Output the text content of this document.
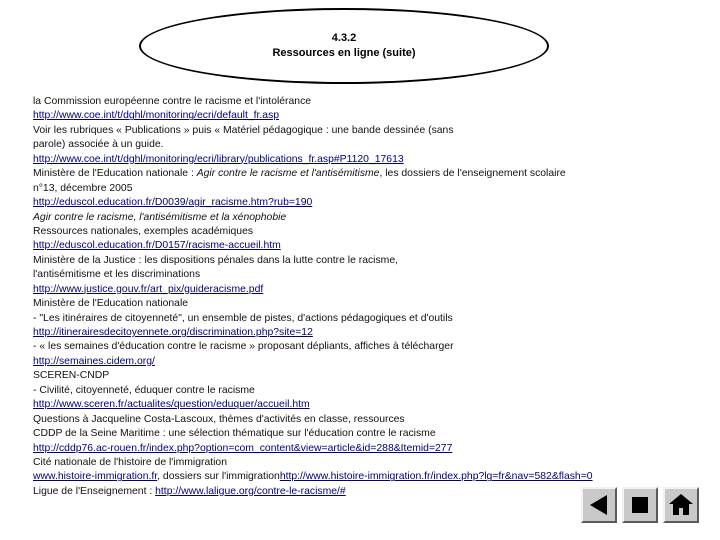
4.3.2
Ressources en ligne (suite)
la Commission européenne contre le racisme et l'intolérance
http://www.coe.int/t/dghl/monitoring/ecri/default_fr.asp
Voir les rubriques « Publications » puis « Matériel pédagogique : une bande dessinée (sans
parole) associée à un guide.
http://www.coe.int/t/dghl/monitoring/ecri/library/publications_fr.asp#P1120_17613
Ministère de l'Education nationale : Agir contre le racisme et l'antisémitisme, les dossiers de l'enseignement scolaire
n°13, décembre 2005
http://eduscol.education.fr/D0039/agir_racisme.htm?rub=190
Agir contre le racisme, l'antisémitisme et la xénophobie
Ressources nationales, exemples académiques
http://eduscol.education.fr/D0157/racisme-accueil.htm
Ministère de la Justice : les dispositions pénales dans la lutte contre le racisme,
l'antisémitisme et les discriminations
http://www.justice.gouv.fr/art_pix/guideracisme.pdf
Ministère de l'Education nationale
- "Les itinéraires de citoyenneté", un ensemble de pistes, d'actions pédagogiques et d'outils
http://itinerairesdecitoyennete.org/discrimination.php?site=12
- « les semaines d'éducation contre le racisme » proposant dépliants, affiches à télécharger
http://semaines.cidem.org/
SCEREN-CNDP
- Civilité, citoyenneté, éduquer contre le racisme
http://www.sceren.fr/actualites/question/eduquer/accueil.htm
Questions à Jacqueline Costa-Lascoux, thèmes d'activités en classe, ressources
CDDP de la Seine Maritime : une sélection thématique sur l'éducation contre le racisme
http://cddp76.ac-rouen.fr/index.php?option=com_content&view=article&id=288&Itemid=277
Cité nationale de l'histoire de l'immigration
www.histoire-immigration.fr, dossiers sur l'immigrationhttp://www.histoire-immigration.fr/index.php?lg=fr&nav=582&flash=0
Ligue de l'Enseignement : http://www.laligue.org/contre-le-racisme/#
